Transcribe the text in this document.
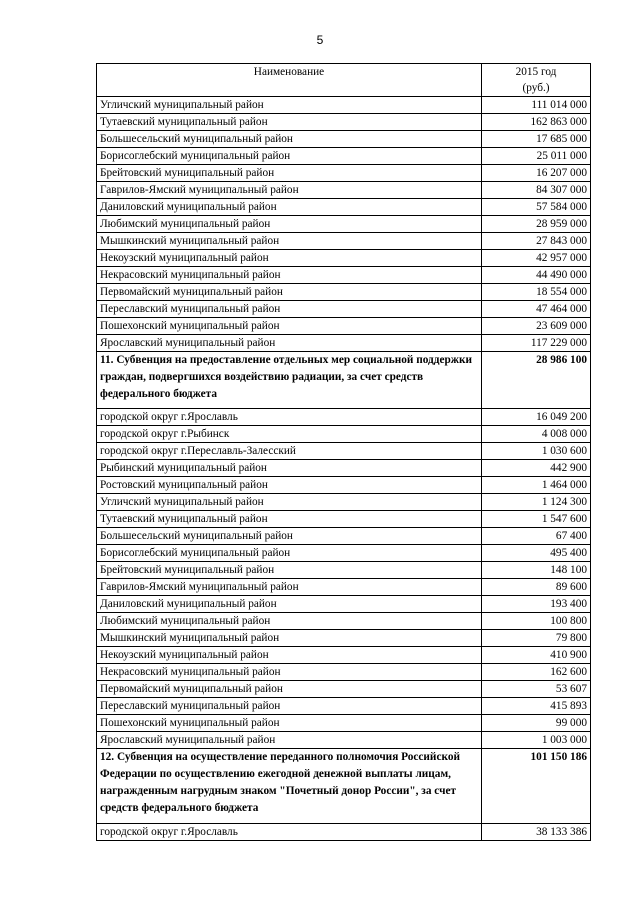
5
Наименование	2015 год
(руб.)
Угличский муниципальный район	111 014 000
Тутаевский муниципальный район	162 863 000
Большесельский муниципальный район	17 685 000
Борисоглебский муниципальный район	25 011 000
Брейтовский муниципальный район	16 207 000
Гаврилов-Ямский муниципальный район	84 307 000
Даниловский муниципальный район	57 584 000
Любимский муниципальный район	28 959 000
Мышкинский муниципальный район	27 843 000
Некоузский муниципальный район	42 957 000
Некрасовский муниципальный район	44 490 000
Первомайский муниципальный район	18 554 000
Переславский муниципальный район	47 464 000
Пошехонский муниципальный район	23 609 000
Ярославский муниципальный район	117 229 000
11. Субвенция на предоставление отдельных мер социальной поддержки граждан, подвергшихся воздействию радиации, за счет средств федерального бюджета	28 986 100
городской округ г.Ярославль	16 049 200
городской округ г.Рыбинск	4 008 000
городской округ г.Переславль-Залесский	1 030 600
Рыбинский муниципальный район	442 900
Ростовский муниципальный район	1 464 000
Угличский муниципальный район	1 124 300
Тутаевский муниципальный район	1 547 600
Большесельский муниципальный район	67 400
Борисоглебский муниципальный район	495 400
Брейтовский муниципальный район	148 100
Гаврилов-Ямский муниципальный район	89 600
Даниловский муниципальный район	193 400
Любимский муниципальный район	100 800
Мышкинский муниципальный район	79 800
Некоузский муниципальный район	410 900
Некрасовский муниципальный район	162 600
Первомайский муниципальный район	53 607
Переславский муниципальный район	415 893
Пошехонский муниципальный район	99 000
Ярославский муниципальный район	1 003 000
12. Субвенция на осуществление переданного полномочия Российской Федерации по осуществлению ежегодной денежной выплаты лицам, награжденным нагрудным знаком "Почетный донор России", за счет средств федерального бюджета	101 150 186
городской округ г.Ярославль	38 133 386
